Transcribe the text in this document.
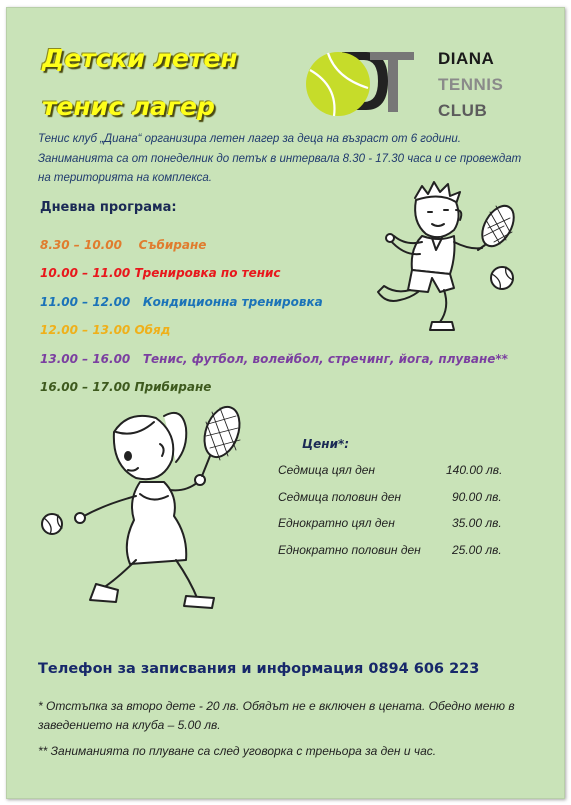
Детски летен
тенис лагер
DIANA
TENNIS
CLUB
Тенис клуб „Диана“ организира летен лагер за деца на възраст от 6 години. Заниманията са от понеделник до петък в интервала 8.30 - 17.30 часа и се провеждат на територията на комплекса.
Дневна програма:
8.30 – 10.00 Събиране
10.00 – 11.00 Тренировка по тенис
11.00 – 12.00 Кондиционна тренировка
12.00 – 13.00 Обяд
13.00 – 16.00 Тенис, футбол, волейбол, стречинг, йога, плуване**
16.00 – 17.00 Прибиране
Цени*:
Седмица цял ден	140.00 лв.
Седмица половин ден	90.00 лв.
Еднократно цял ден	35.00 лв.
Еднократно половин ден	25.00 лв.
Телефон за записвания и информация 0894 606 223
* Отстъпка за второ дете - 20 лв. Обядът не е включен в цената. Обедно меню в заведението на клуба – 5.00 лв.
** Заниманията по плуване са след уговорка с треньора за ден и час.
